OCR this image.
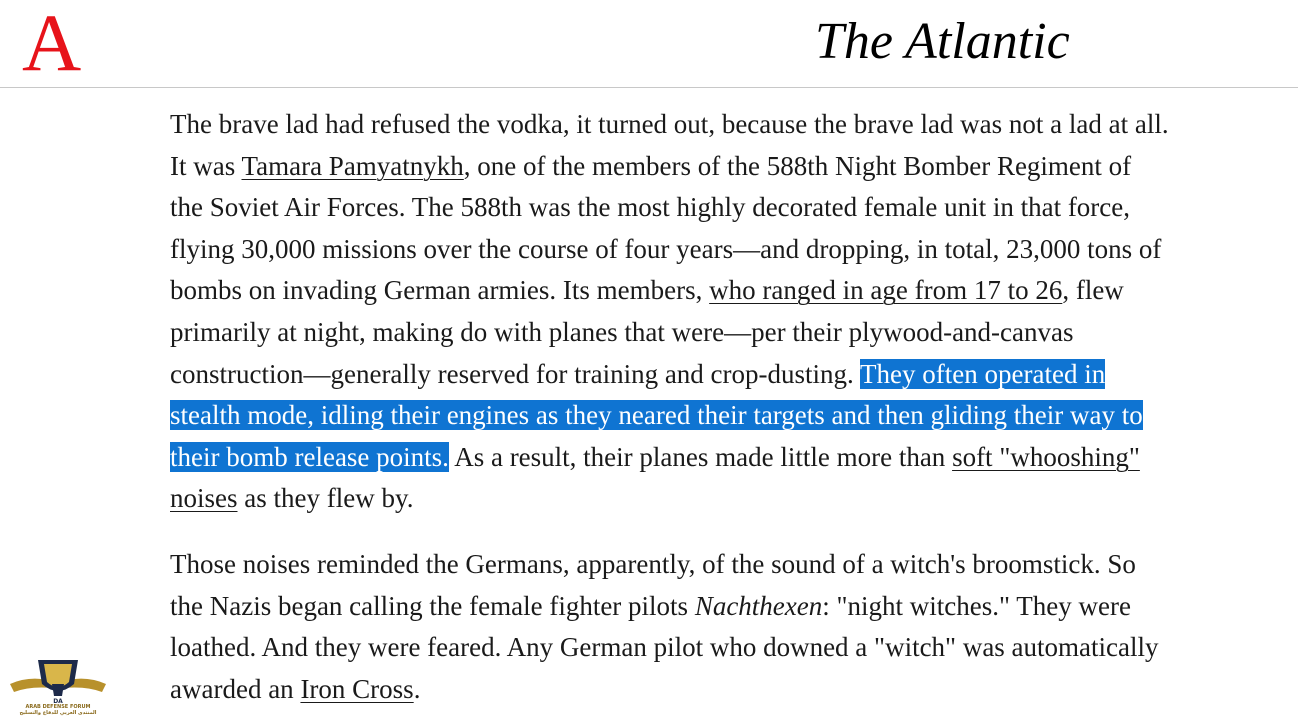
A	The Atlantic

The brave lad had refused the vodka, it turned out, because the brave lad was not a lad at all. It was Tamara Pamyatnykh, one of the members of the 588th Night Bomber Regiment of the Soviet Air Forces. The 588th was the most highly decorated female unit in that force, flying 30,000 missions over the course of four years—and dropping, in total, 23,000 tons of bombs on invading German armies. Its members, who ranged in age from 17 to 26, flew primarily at night, making do with planes that were—per their plywood-and-canvas construction—generally reserved for training and crop-dusting. They often operated in stealth mode, idling their engines as they neared their targets and then gliding their way to their bomb release points. As a result, their planes made little more than soft "whooshing" noises as they flew by.

Those noises reminded the Germans, apparently, of the sound of a witch's broomstick. So the Nazis began calling the female fighter pilots Nachthexen: "night witches." They were loathed. And they were feared. Any German pilot who downed a "witch" was automatically awarded an Iron Cross.

DA
ARAB DEFENSE FORUM
المنتدى العربي للدفاع والتسليح
